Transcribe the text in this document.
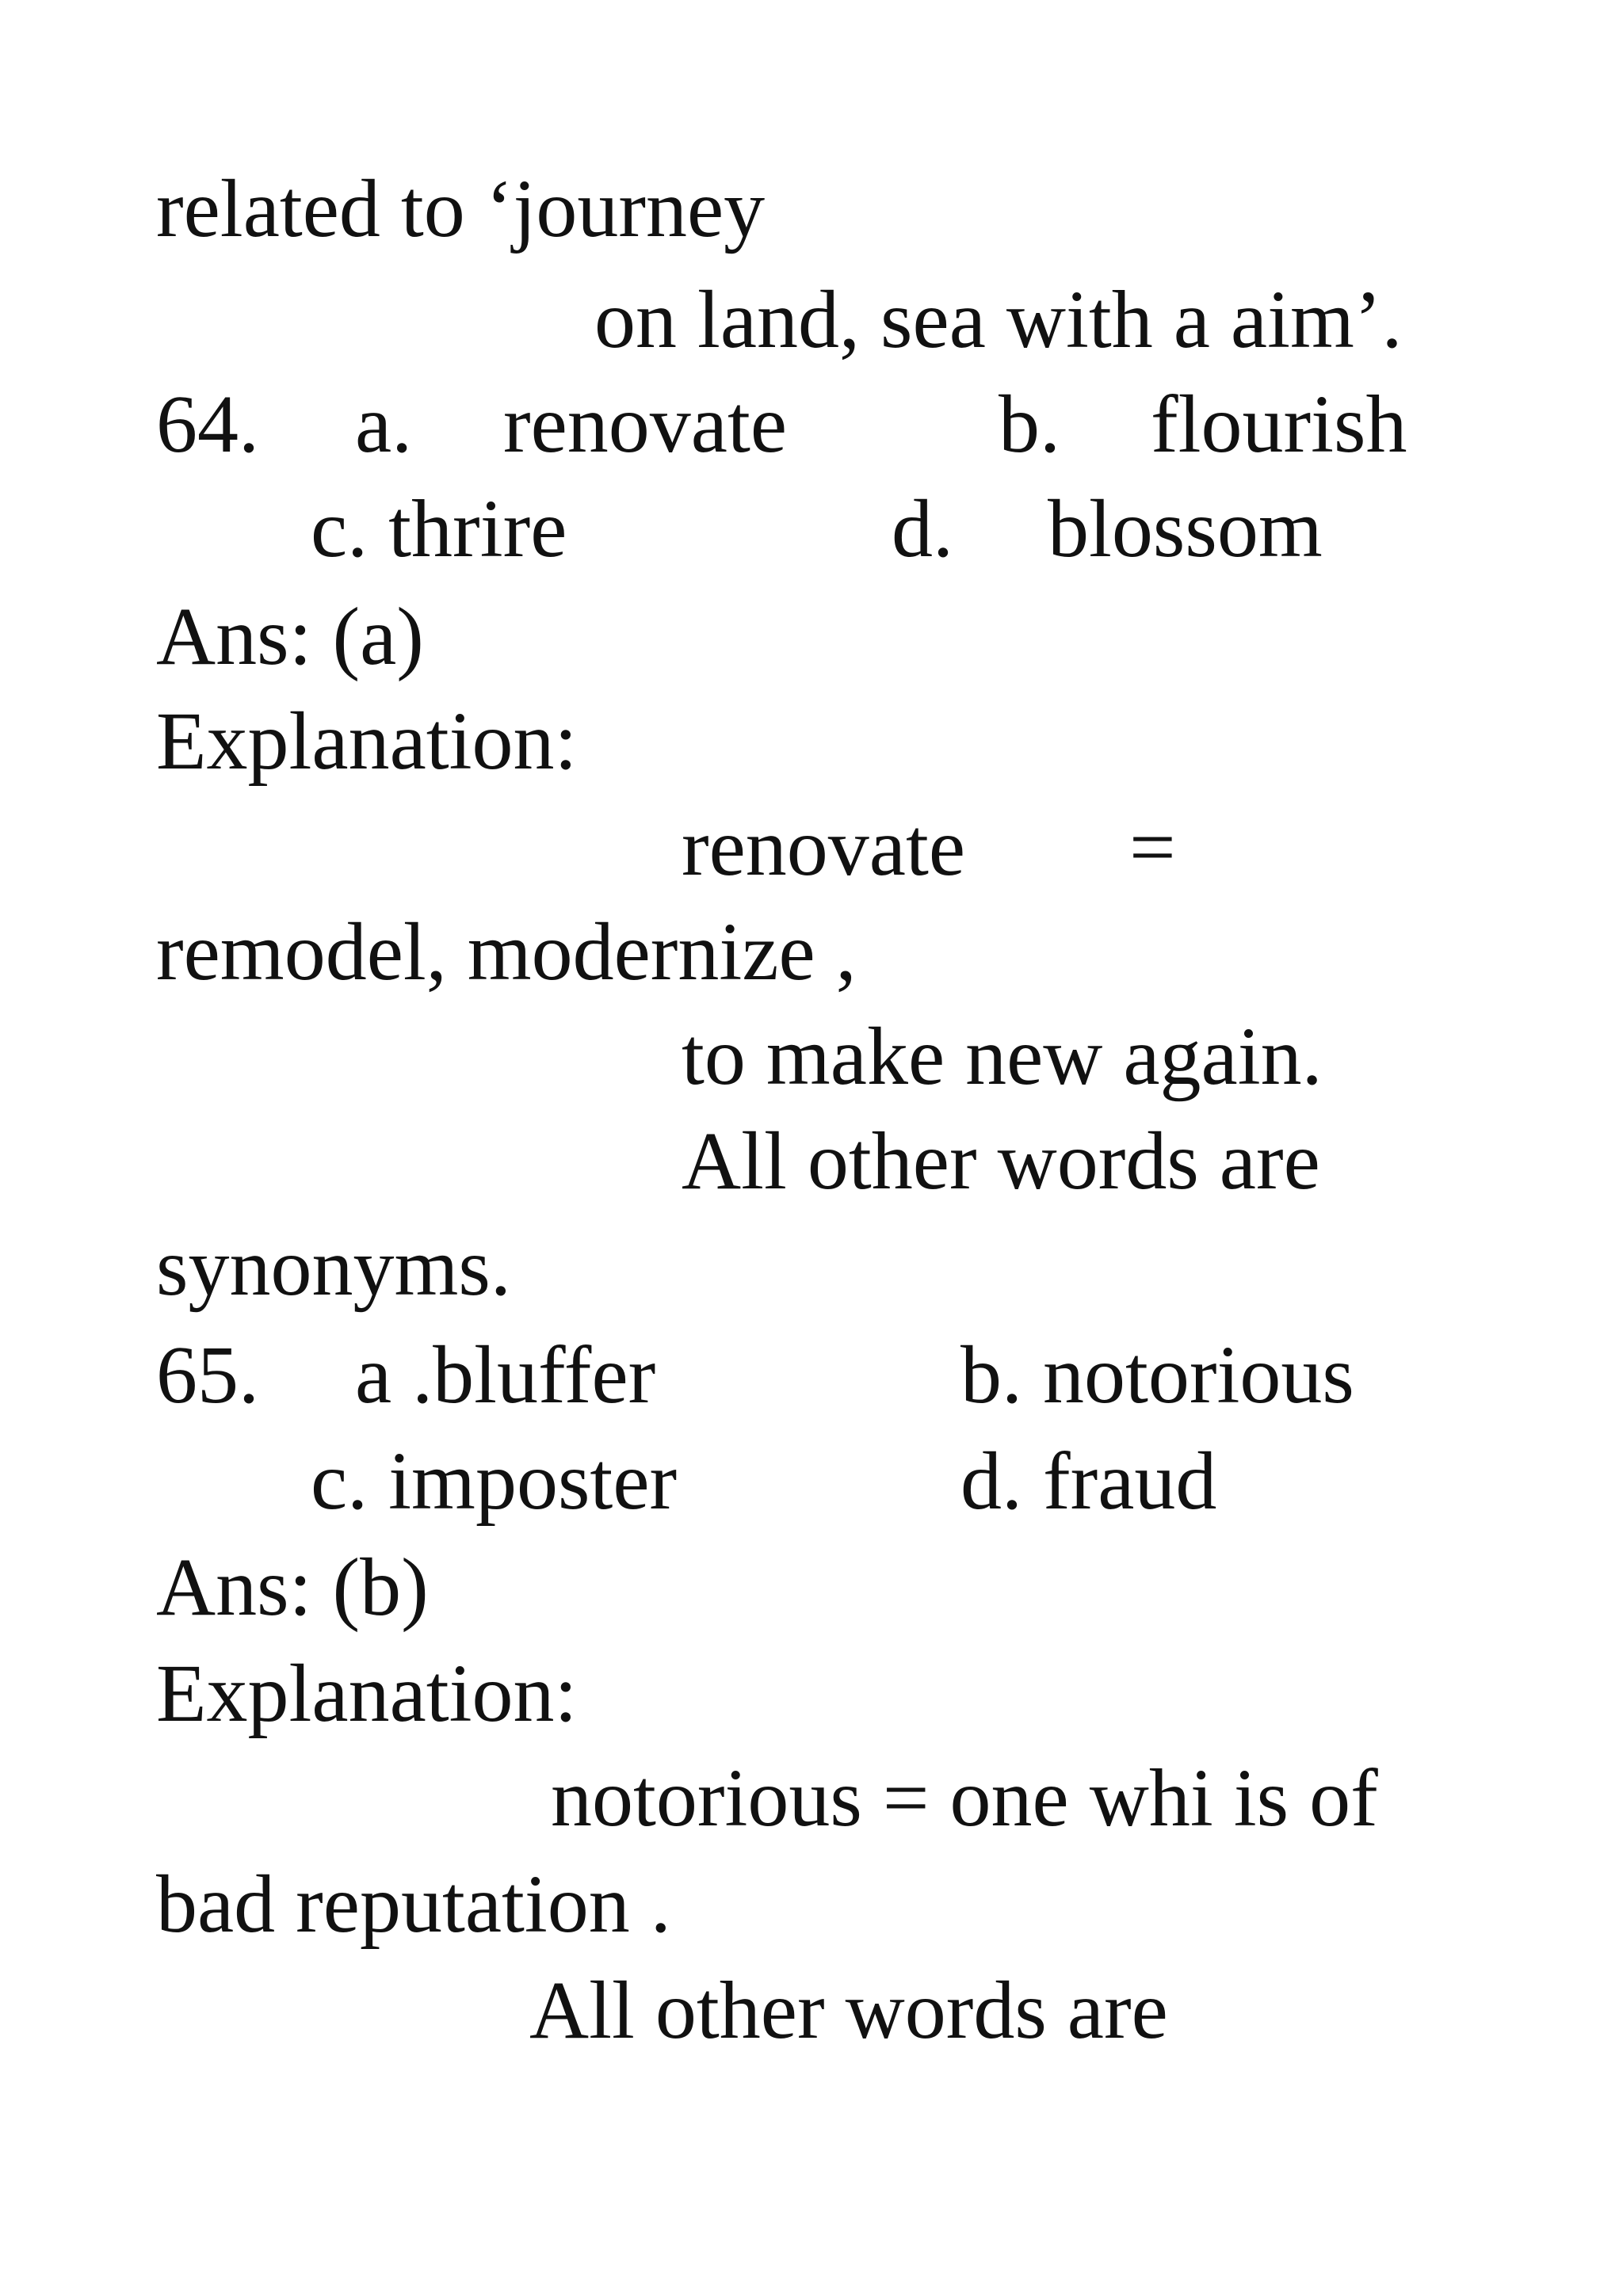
related to ‘journey

on land, sea with a aim’.

64. a. renovate	b. flourish

c. thrire	d. blossom

Ans: (a)

Explanation:

renovate =

remodel, modernize ,

to make new again.

All other words are

synonyms.

65. a .bluffer	b. notorious

c. imposter	d. fraud

Ans: (b)

Explanation:

notorious = one whi is of

bad reputation .

All other words are
